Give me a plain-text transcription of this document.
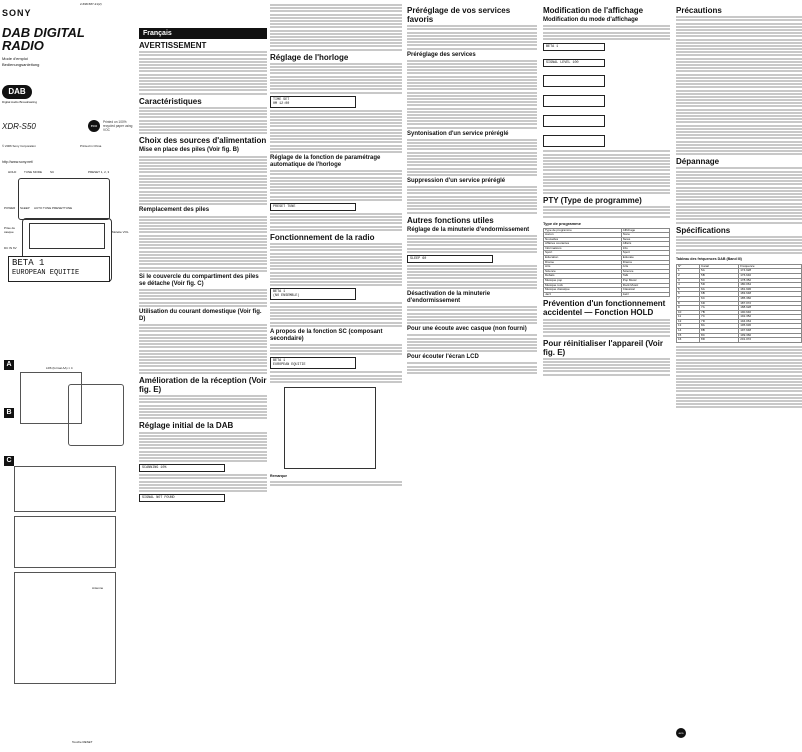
2-698-587-21(2)
SONY
DAB DIGITAL RADIO
Mode d'emploi
Bedienungsanleitung
DAB
Digital Audio Broadcasting
XDR-S50	eco

Printed on 100% recycled paper using VOC

© 2006 Sony Corporation	Printed in China
http://www.sony.net/
HOLD	TUNE MODE	SC	PRESET 1, 2, 3
POWER SLEEP AUTO TUNE PRESETTUNE
Prise de casque	Molette VOL
DC IN 6V
BETA 1
EUROPEAN EQUITIE
A
B
LR6 (format AA) × 4
C
Antenne
Touche RESET
Français
AVERTISSEMENT
Caractéristiques
Choix des sources d'alimentation
Mise en place des piles (Voir fig. B)
Remplacement des piles
Si le couvercle du compartiment des piles se détache (Voir fig. C)
Utilisation du courant domestique (Voir fig. D)
Amélioration de la réception (Voir fig. E)
Réglage initial de la DAB
SCANNING 10%
SIGNAL NOT FOUND
Réglage de l'horloge
TIME SET
0M 12:00
Réglage de la fonction de paramétrage automatique de l'horloge
PRESET TUNE
Fonctionnement de la radio
BETA 1
(NO ENSEMBLE)
A propos de la fonction SC (composant secondaire)
BETA 1
EUROPEAN EQUITIE
Remarque
Préréglage de vos services favoris
Préréglage des services
Syntonisation d'un service préréglé
Suppression d'un service préréglé
Autres fonctions utiles
Réglage de la minuterie d'endormissement
SLEEP 60
Désactivation de la minuterie d'endormissement
Pour une écoute avec casque (non fourni)
Pour écouter l'écran LCD
Modification de l'affichage
Modification du mode d'affichage
BETA 1
SIGNAL LEVEL 100
PTY (Type de programme)
Type de programme
Type de programme	Affichage
Aucun	None
Nouvelles	News
Affaires courantes	Affairs
Informations	Info
Sport	Sport
Éducation	Educate
Drame	Drama
Arts	Arts
Science	Science
Débats	Talk
Musique pop	Pop Music
Musique rock	Rock Music
Musique classique	Classical
Jazz	Jazz
Prévention d'un fonctionnement accidentel — Fonction HOLD
Pour réinitialiser l'appareil (Voir fig. E)
Précautions
Dépannage
Spécifications
Tableau des fréquences DAB (Band III)
N°	Canal	Fréquence
1	5A	174.928
2	5B	176.640
3	5C	178.352
4	5D	180.064
5	6A	181.936
6	6B	183.648
7	6C	185.360
8	6D	187.072
9	7A	188.928
10	7B	190.640
11	7C	192.352
12	7D	194.064
13	8A	195.936
14	8B	197.648
15	8C	199.360
16	8D	201.072
eco
